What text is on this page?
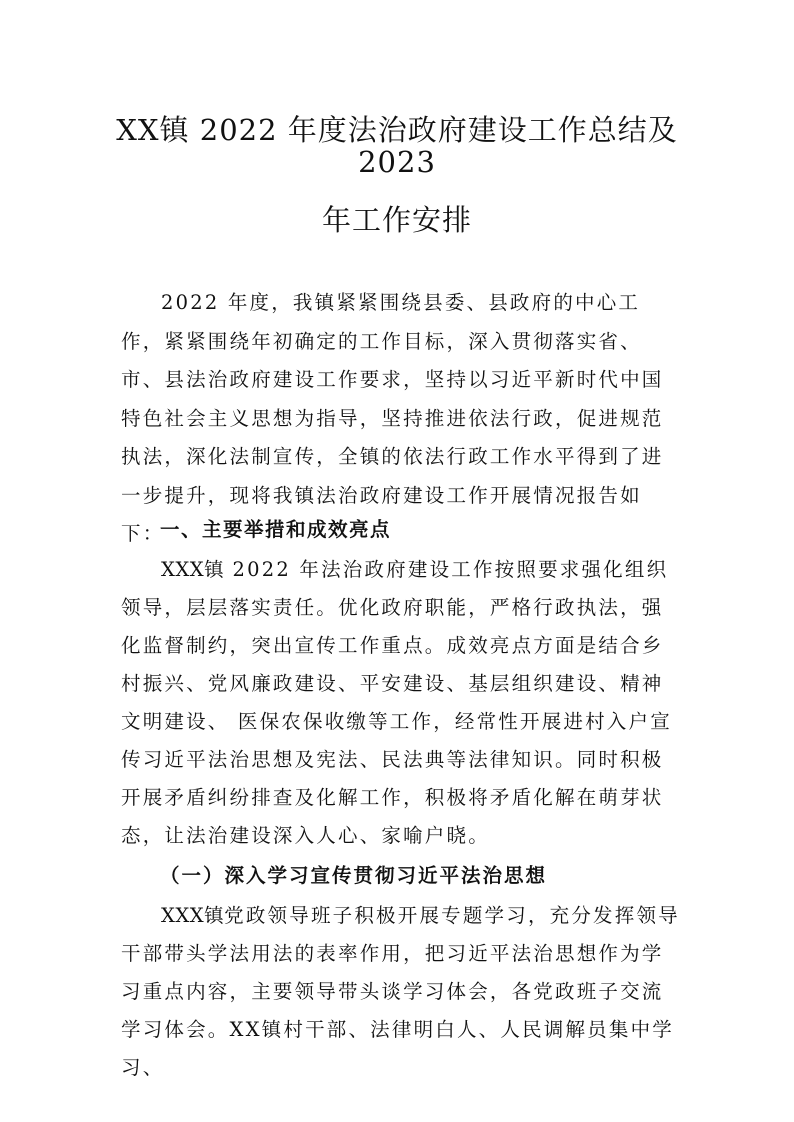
XX镇 2022 年度法治政府建设工作总结及
2023
年工作安排

2022 年度，我镇紧紧围绕县委、县政府的中心工作，紧紧围绕年初确定的工作目标，深入贯彻落实省、市、县法治政府建设工作要求，坚持以习近平新时代中国特色社会主义思想为指导，坚持推进依法行政，促进规范执法，深化法制宣传，全镇的依法行政工作水平得到了进一步提升，现将我镇法治政府建设工作开展情况报告如下：

一、主要举措和成效亮点

XXX镇 2022 年法治政府建设工作按照要求强化组织领导，层层落实责任。优化政府职能，严格行政执法，强化监督制约，突出宣传工作重点。成效亮点方面是结合乡村振兴、党风廉政建设、平安建设、基层组织建设、精神文明建设、 医保农保收缴等工作，经常性开展进村入户宣传习近平法治思想及宪法、民法典等法律知识。同时积极开展矛盾纠纷排查及化解工作，积极将矛盾化解在萌芽状态，让法治建设深入人心、家喻户晓。

（一）深入学习宣传贯彻习近平法治思想

XXX镇党政领导班子积极开展专题学习，充分发挥领导干部带头学法用法的表率作用，把习近平法治思想作为学习重点内容，主要领导带头谈学习体会，各党政班子交流学习体会。XX镇村干部、法律明白人、人民调解员集中学习、
